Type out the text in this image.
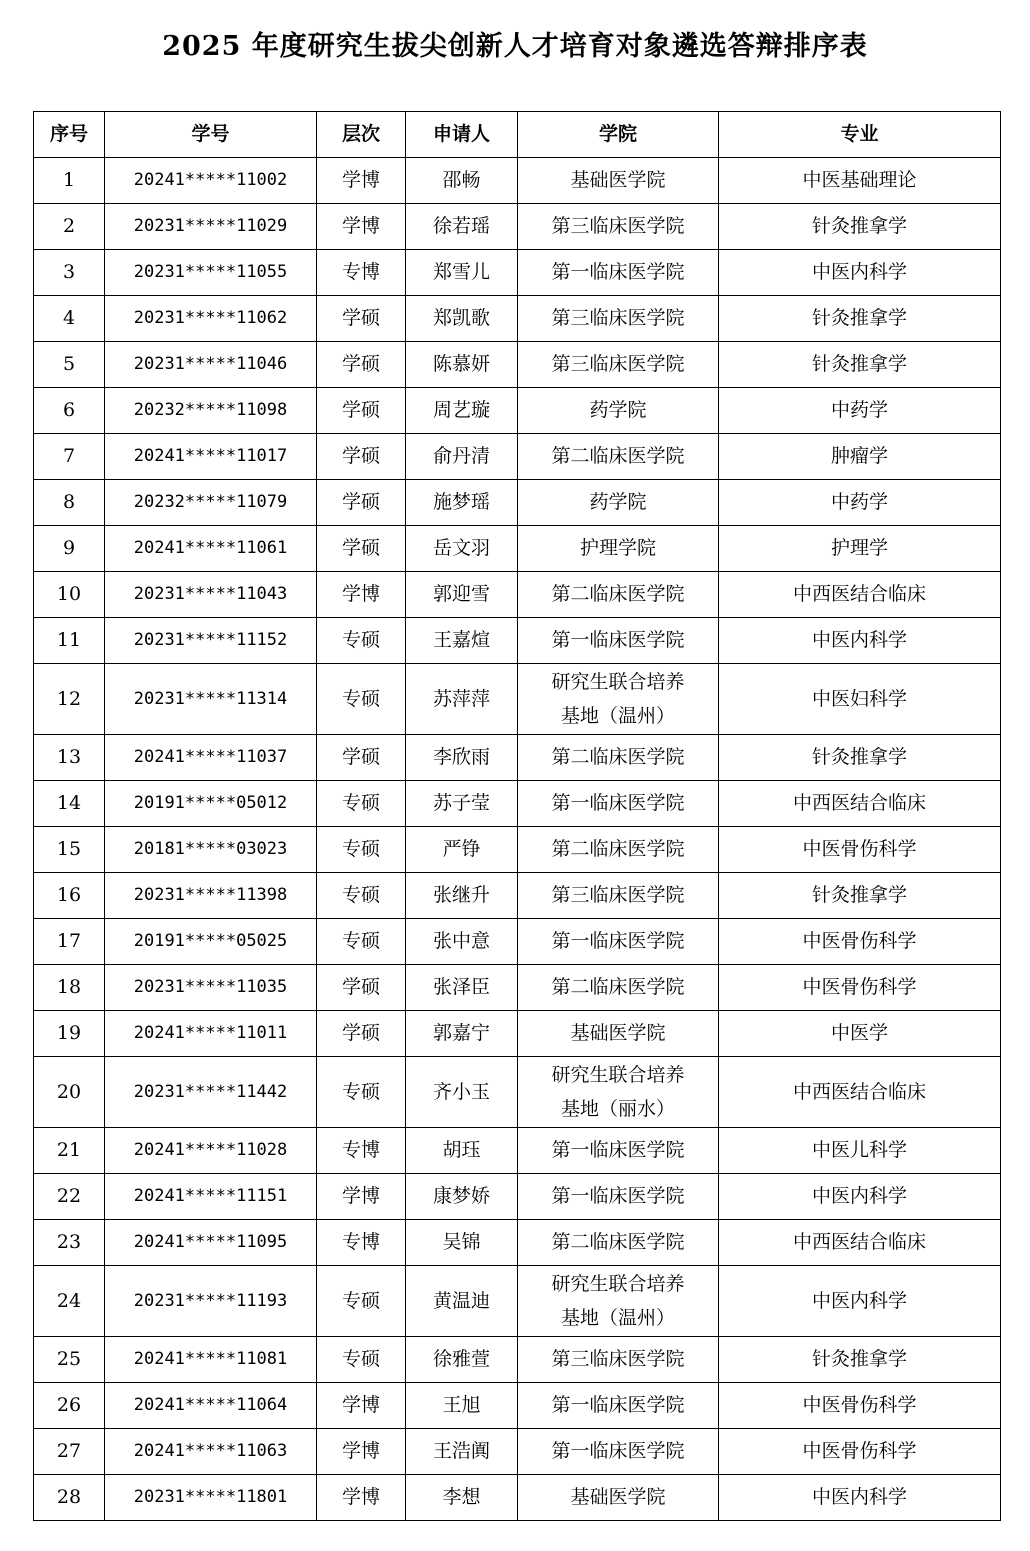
2025 年度研究生拔尖创新人才培育对象遴选答辩排序表
序号	学号	层次	申请人	学院	专业
1	20241*****11002	学博	邵畅	基础医学院	中医基础理论
2	20231*****11029	学博	徐若瑶	第三临床医学院	针灸推拿学
3	20231*****11055	专博	郑雪儿	第一临床医学院	中医内科学
4	20231*****11062	学硕	郑凯歌	第三临床医学院	针灸推拿学
5	20231*****11046	学硕	陈慕妍	第三临床医学院	针灸推拿学
6	20232*****11098	学硕	周艺璇	药学院	中药学
7	20241*****11017	学硕	俞丹清	第二临床医学院	肿瘤学
8	20232*****11079	学硕	施梦瑶	药学院	中药学
9	20241*****11061	学硕	岳文羽	护理学院	护理学
10	20231*****11043	学博	郭迎雪	第二临床医学院	中西医结合临床
11	20231*****11152	专硕	王嘉煊	第一临床医学院	中医内科学
12	20231*****11314	专硕	苏萍萍	研究生联合培养
基地（温州）	中医妇科学
13	20241*****11037	学硕	李欣雨	第二临床医学院	针灸推拿学
14	20191*****05012	专硕	苏子莹	第一临床医学院	中西医结合临床
15	20181*****03023	专硕	严铮	第二临床医学院	中医骨伤科学
16	20231*****11398	专硕	张继升	第三临床医学院	针灸推拿学
17	20191*****05025	专硕	张中意	第一临床医学院	中医骨伤科学
18	20231*****11035	学硕	张泽臣	第二临床医学院	中医骨伤科学
19	20241*****11011	学硕	郭嘉宁	基础医学院	中医学
20	20231*****11442	专硕	齐小玉	研究生联合培养
基地（丽水）	中西医结合临床
21	20241*****11028	专博	胡珏	第一临床医学院	中医儿科学
22	20241*****11151	学博	康梦娇	第一临床医学院	中医内科学
23	20241*****11095	专博	吴锦	第二临床医学院	中西医结合临床
24	20231*****11193	专硕	黄温迪	研究生联合培养
基地（温州）	中医内科学
25	20241*****11081	专硕	徐雅萱	第三临床医学院	针灸推拿学
26	20241*****11064	学博	王旭	第一临床医学院	中医骨伤科学
27	20241*****11063	学博	王浩阗	第一临床医学院	中医骨伤科学
28	20231*****11801	学博	李想	基础医学院	中医内科学
